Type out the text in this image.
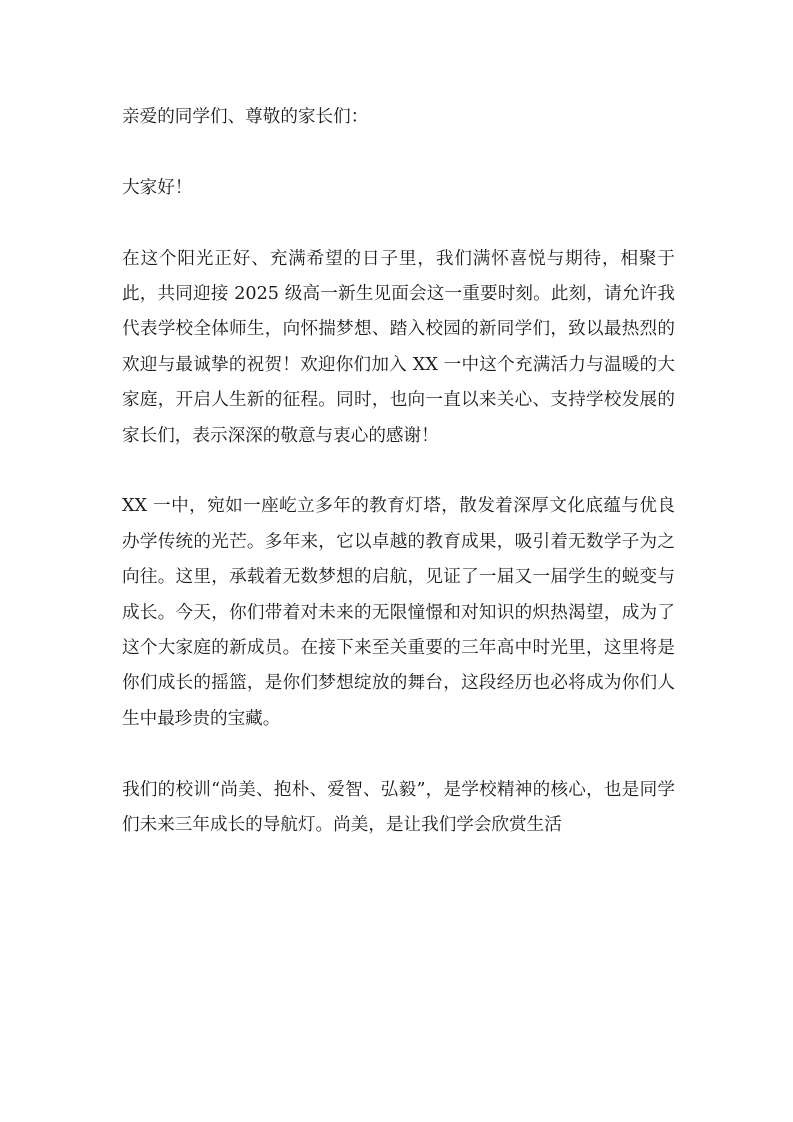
亲爱的同学们、尊敬的家长们：

大家好！

在这个阳光正好、充满希望的日子里，我们满怀喜悦与期待，相聚于此，共同迎接 2025 级高一新生见面会这一重要时刻。此刻，请允许我代表学校全体师生，向怀揣梦想、踏入校园的新同学们，致以最热烈的欢迎与最诚挚的祝贺！欢迎你们加入 XX 一中这个充满活力与温暖的大家庭，开启人生新的征程。同时，也向一直以来关心、支持学校发展的家长们，表示深深的敬意与衷心的感谢！

XX 一中，宛如一座屹立多年的教育灯塔，散发着深厚文化底蕴与优良办学传统的光芒。多年来，它以卓越的教育成果，吸引着无数学子为之向往。这里，承载着无数梦想的启航，见证了一届又一届学生的蜕变与成长。今天，你们带着对未来的无限憧憬和对知识的炽热渴望，成为了这个大家庭的新成员。在接下来至关重要的三年高中时光里，这里将是你们成长的摇篮，是你们梦想绽放的舞台，这段经历也必将成为你们人生中最珍贵的宝藏。

我们的校训“尚美、抱朴、爱智、弘毅”，是学校精神的核心，也是同学们未来三年成长的导航灯。尚美，是让我们学会欣赏生活
